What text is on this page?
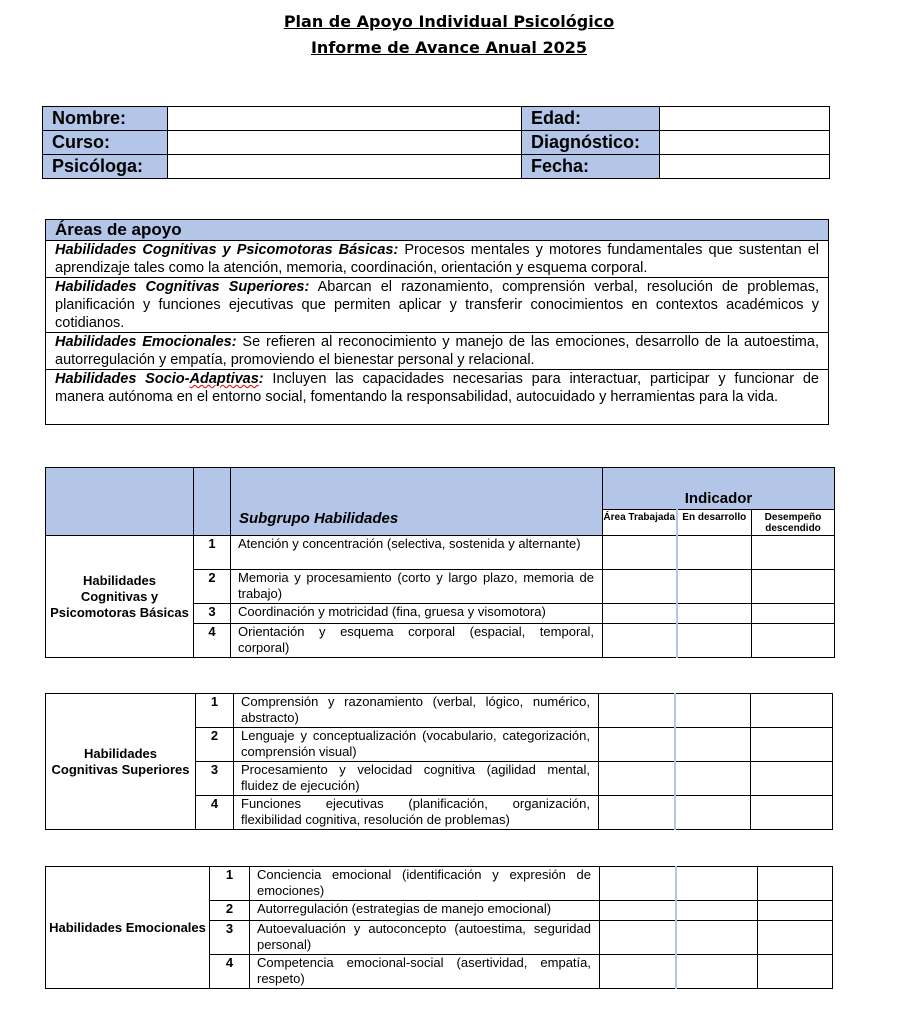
Plan de Apoyo Individual Psicológico
Informe de Avance Anual 2025
Nombre:		Edad:	
Curso:		Diagnóstico:	
Psicóloga:		Fecha:	
Áreas de apoyo
Habilidades Cognitivas y Psicomotoras Básicas: Procesos mentales y motores fundamentales que sustentan el aprendizaje tales como la atención, memoria, coordinación, orientación y esquema corporal.
Habilidades Cognitivas Superiores: Abarcan el razonamiento, comprensión verbal, resolución de problemas, planificación y funciones ejecutivas que permiten aplicar y transferir conocimientos en contextos académicos y cotidianos.
Habilidades Emocionales: Se refieren al reconocimiento y manejo de las emociones, desarrollo de la autoestima, autorregulación y empatía, promoviendo el bienestar personal y relacional.
Habilidades Socio-Adaptivas: Incluyen las capacidades necesarias para interactuar, participar y funcionar de manera autónoma en el entorno social, fomentando la responsabilidad, autocuidado y herramientas para la vida.
		Subgrupo Habilidades	Indicador		
			Área Trabajada	En desarrollo	Desempeño descendido
Habilidades Cognitivas y Psicomotoras Básicas	1	Atención y concentración (selectiva, sostenida y alternante)			
	2	Memoria y procesamiento (corto y largo plazo, memoria de trabajo)			
	3	Coordinación y motricidad (fina, gruesa y visomotora)			
	4	Orientación y esquema corporal (espacial, temporal, corporal)			
Habilidades Cognitivas Superiores	1	Comprensión y razonamiento (verbal, lógico, numérico, abstracto)			
	2	Lenguaje y conceptualización (vocabulario, categorización, comprensión visual)			
	3	Procesamiento y velocidad cognitiva (agilidad mental, fluidez de ejecución)			
	4	Funciones ejecutivas (planificación, organización, flexibilidad cognitiva, resolución de problemas)			
Habilidades Emocionales	1	Conciencia emocional (identificación y expresión de emociones)			
	2	Autorregulación (estrategias de manejo emocional)			
	3	Autoevaluación y autoconcepto (autoestima, seguridad personal)			
	4	Competencia emocional-social (asertividad, empatía, respeto)			
